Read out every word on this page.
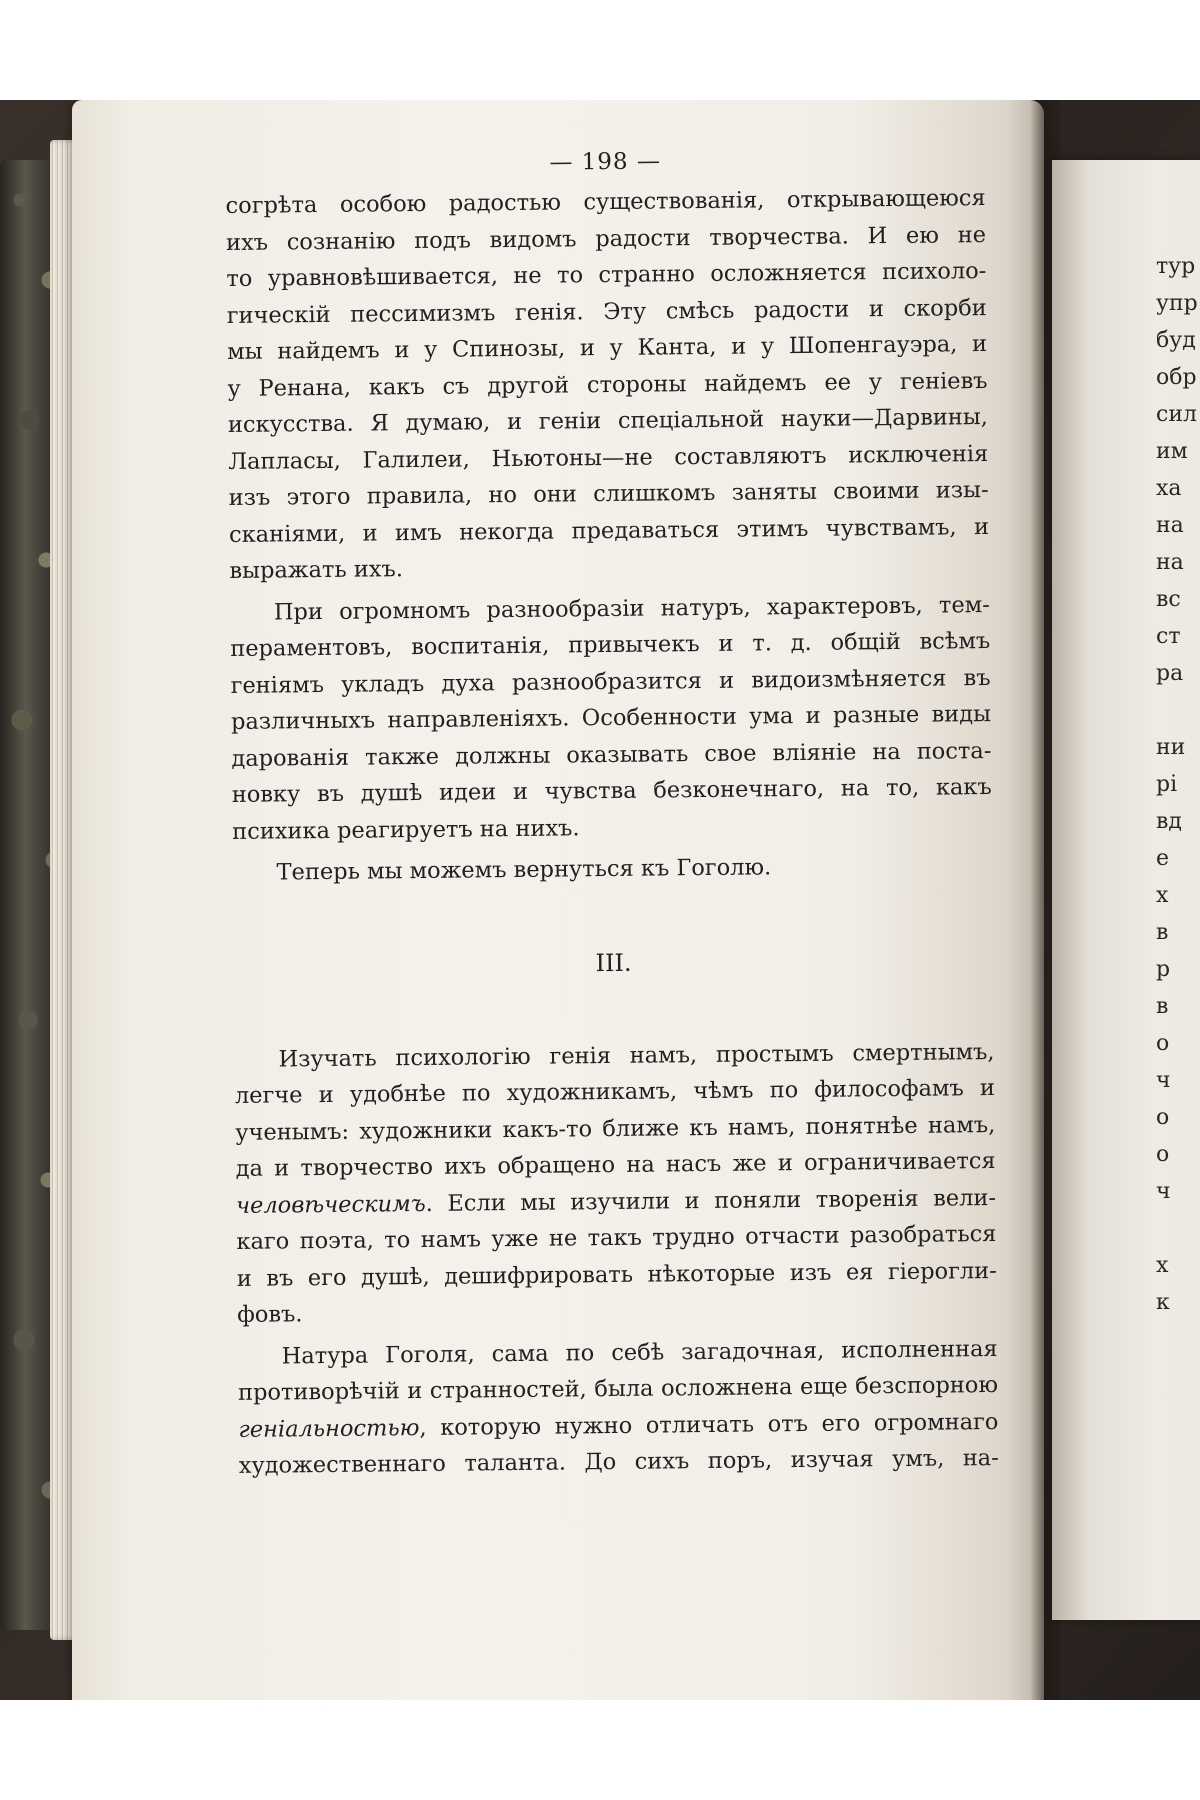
тур
упр
буд
обр
сил
им
ха
на
на
вс
ст
ра
ни
рі
вд
е
х
в
р
в
о
ч
о
о
ч
х
к
— 198 —

согрѣта особою радостью существованія, открывающеюся
ихъ сознанію подъ видомъ радости творчества. И ею не
то уравновѣшивается, не то странно осложняется психоло-
гическій пессимизмъ генія. Эту смѣсь радости и скорби
мы найдемъ и у Спинозы, и у Канта, и у Шопенгауэра, и
у Ренана, какъ съ другой стороны найдемъ ее у геніевъ
искусства. Я думаю, и геніи спеціальной науки—Дарвины,
Лапласы, Галилеи, Ньютоны—не составляютъ исключенія
изъ этого правила, но они слишкомъ заняты своими изы-
сканіями, и имъ некогда предаваться этимъ чувствамъ, и
выражать ихъ.

При огромномъ разнообразіи натуръ, характеровъ, тем-
пераментовъ, воспитанія, привычекъ и т. д. общій всѣмъ
геніямъ укладъ духа разнообразится и видоизмѣняется въ
различныхъ направленіяхъ. Особенности ума и разные виды
дарованія также должны оказывать свое вліяніе на поста-
новку въ душѣ идеи и чувства безконечнаго, на то, какъ
психика реагируетъ на нихъ.

Теперь мы можемъ вернуться къ Гоголю.

III.

Изучать психологію генія намъ, простымъ смертнымъ,
легче и удобнѣе по художникамъ, чѣмъ по философамъ и
ученымъ: художники какъ-то ближе къ намъ, понятнѣе намъ,
да и творчество ихъ обращено на насъ же и ограничивается
человѣческимъ. Если мы изучили и поняли творенія вели-
каго поэта, то намъ уже не такъ трудно отчасти разобраться
и въ его душѣ, дешифрировать нѣкоторые изъ ея гіерогли-
фовъ.

Натура Гоголя, сама по себѣ загадочная, исполненная
противорѣчій и странностей, была осложнена еще безспорною
геніальностью, которую нужно отличать отъ его огромнаго
художественнаго таланта. До сихъ поръ, изучая умъ, на-
